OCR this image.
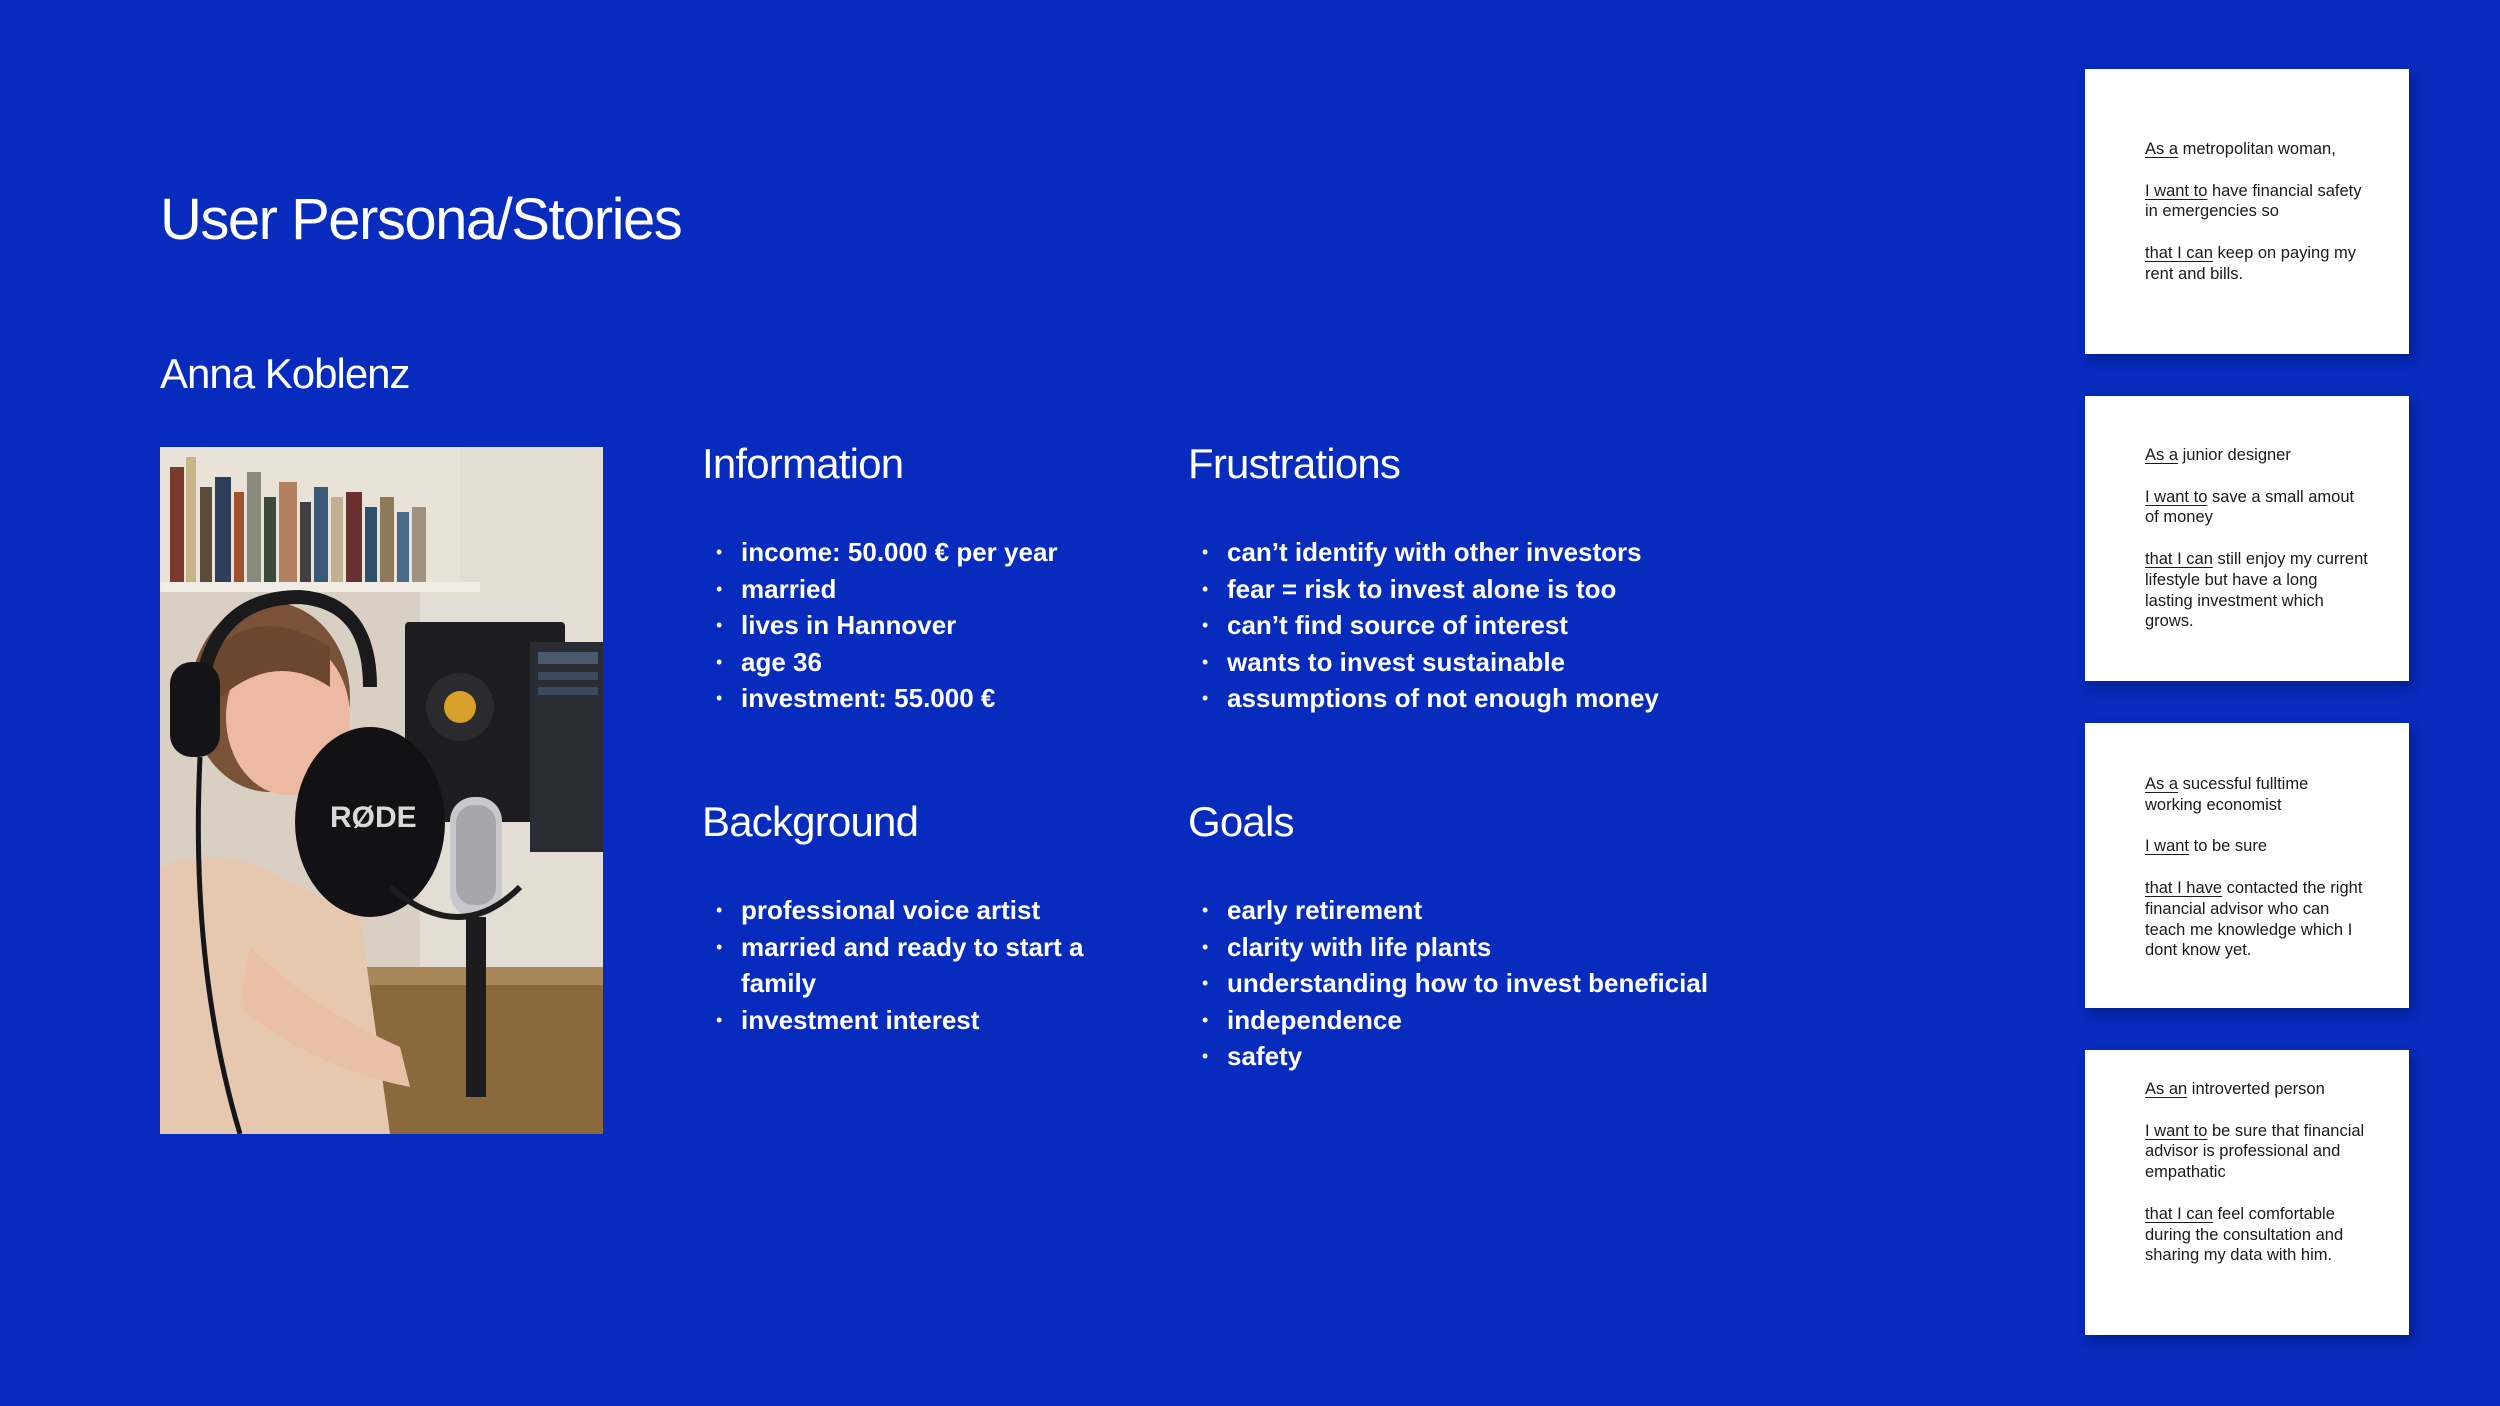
User Persona/Stories
Anna Koblenz
RØDE
Information
• income: 50.000 € per year
• married
• lives in Hannover
• age 36
• investment: 55.000 €
Frustrations
• can’t identify with other investors
• fear = risk to invest alone is too
• can’t find source of interest
• wants to invest sustainable
• assumptions of not enough money
Background
• professional voice artist
• married and ready to start a family
• investment interest
Goals
• early retirement
• clarity with life plants
• understanding how to invest beneficial
• independence
• safety

As a metropolitan woman,

I want to have financial safety in emergencies so

that I can keep on paying my rent and bills.

As a junior designer

I want to save a small amout of money

that I can still enjoy my current lifestyle but have a long lasting investment which grows.

As a sucessful fulltime working economist

I want to be sure

that I have contacted the right financial advisor who can teach me knowledge which I dont know yet.

As an introverted person

I want to be sure that financial advisor is professional and empathatic

that I can feel comfortable during the consultation and sharing my data with him.
